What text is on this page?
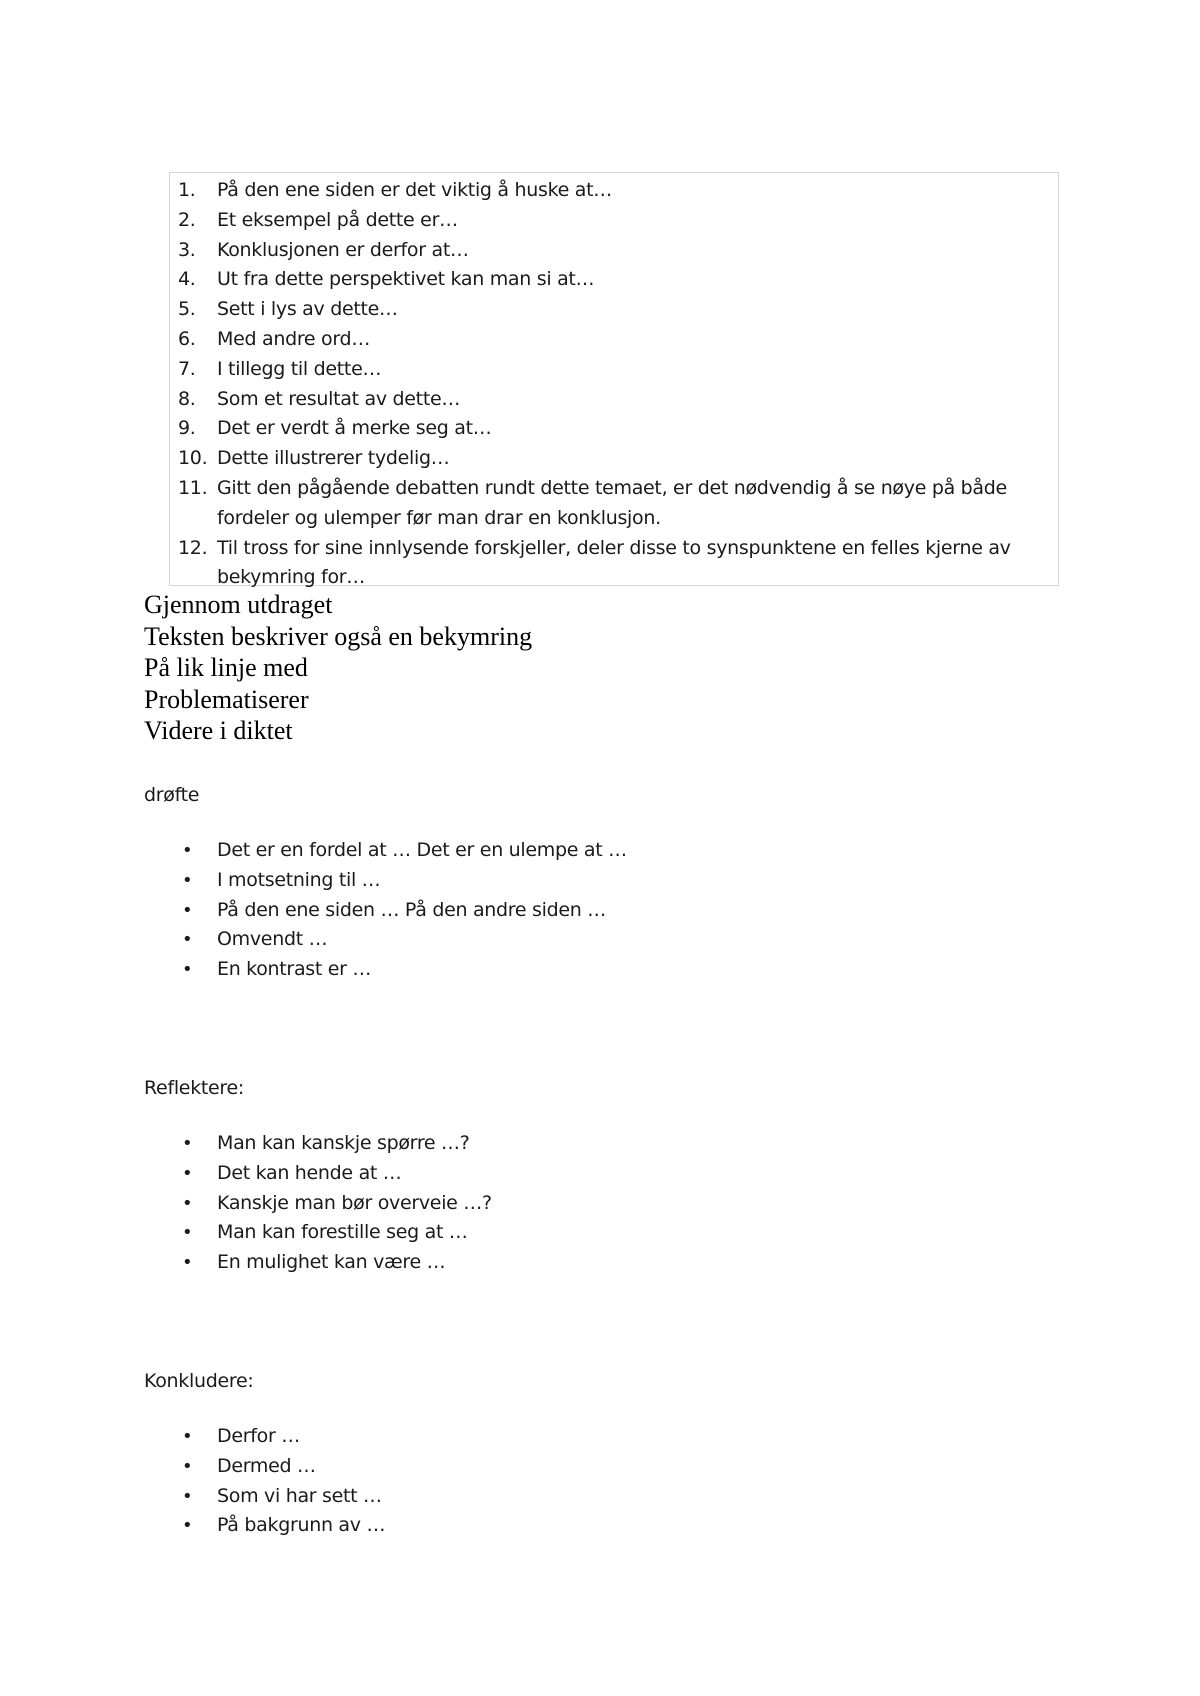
1. På den ene siden er det viktig å huske at…
2. Et eksempel på dette er…
3. Konklusjonen er derfor at…
4. Ut fra dette perspektivet kan man si at…
5. Sett i lys av dette…
6. Med andre ord…
7. I tillegg til dette…
8. Som et resultat av dette…
9. Det er verdt å merke seg at…
10. Dette illustrerer tydelig…
11. Gitt den pågående debatten rundt dette temaet, er det nødvendig å se nøye på både fordeler og ulemper før man drar en konklusjon.
12. Til tross for sine innlysende forskjeller, deler disse to synspunktene en felles kjerne av bekymring for…
Gjennom utdraget
Teksten beskriver også en bekymring
På lik linje med
Problematiserer
Videre i diktet

drøfte

• Det er en fordel at … Det er en ulempe at …
• I motsetning til …
• På den ene siden … På den andre siden …
• Omvendt …
• En kontrast er …

Reflektere:

• Man kan kanskje spørre …?
• Det kan hende at …
• Kanskje man bør overveie …?
• Man kan forestille seg at …
• En mulighet kan være …

Konkludere:

• Derfor …
• Dermed …
• Som vi har sett …
• På bakgrunn av …
